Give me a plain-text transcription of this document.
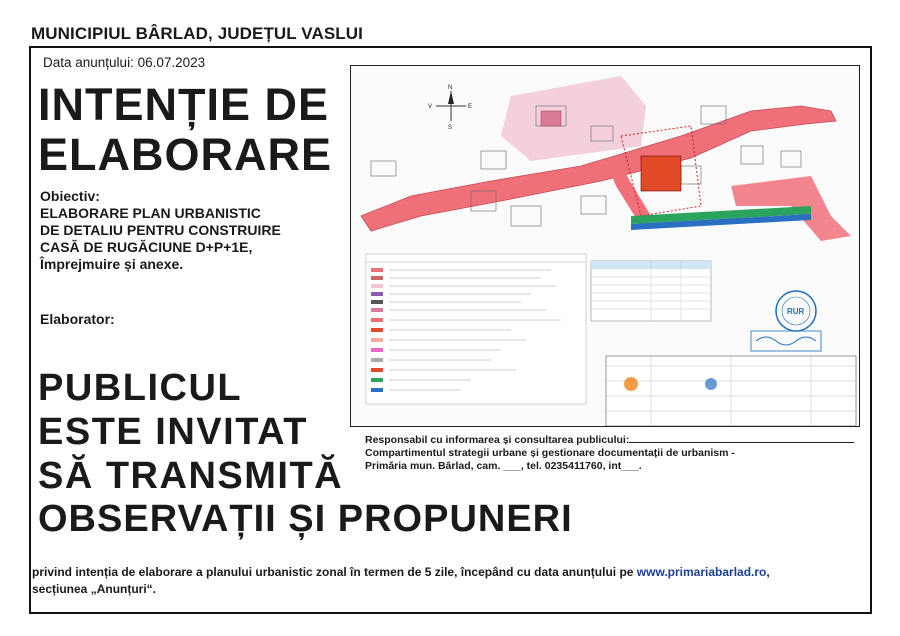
MUNICIPIUL BÂRLAD, JUDEȚUL VASLUI
Data anunțului: 06.07.2023
INTENȚIE DE
ELABORARE
Obiectiv:
ELABORARE PLAN URBANISTIC
DE DETALIU PENTRU CONSTRUIRE
CASĂ DE RUGĂCIUNE D+P+1E,
Împrejmuire și anexe.
Elaborator:
PUBLICUL
ESTE INVITAT
SĂ TRANSMITĂ
OBSERVAȚII ȘI PROPUNERI
Responsabil cu informarea și consultarea publicului:
Compartimentul strategii urbane și gestionare documentații de urbanism -
Primăria mun. Bârlad, cam. ___, tel. 0235411760, int___.
privind intenția de elaborare a planului urbanistic zonal în termen de 5 zile, începând cu data anunțului pe www.primariabarlad.ro,
secțiunea „Anunțuri“.
N
S
E
V
RUR
